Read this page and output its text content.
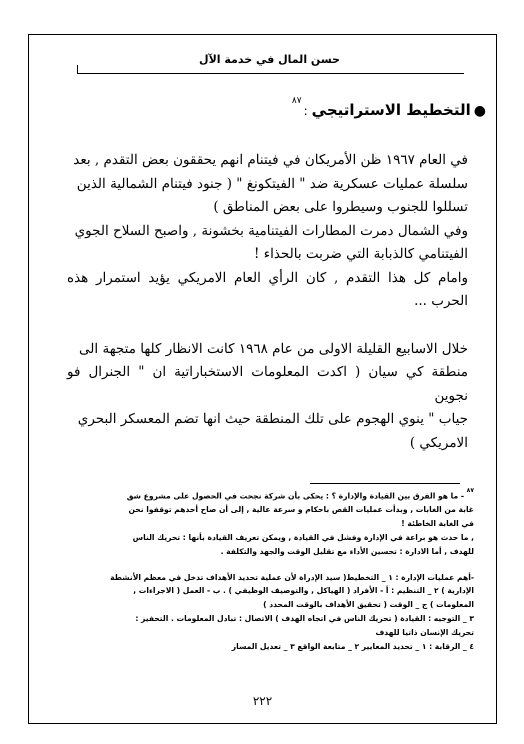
حسن المال في خدمة الآل
●التخطيط الاستراتيجي:$^{٨٧}$

في العام ١٩٦٧ ظن الأمريكان في فيتنام انهم يحققون بعض التقدم , بعد

سلسلة عمليات عسكرية ضد " الفيتكونغ " ( جنود فيتنام الشمالية الذين

تسللوا للجنوب وسيطروا على بعض المناطق )

وفي الشمال دمرت المطارات الفيتنامية بخشونة , واصبح السلاح الجوي

الفيتنامي كالذبابة التي ضربت بالحذاء !

وامام كل هذا التقدم , كان الرأي العام الامريكي يؤيد استمرار هذه الحرب ...

خلال الاسابيع القليلة الاولى من عام ١٩٦٨ كانت الانظار كلها متجهة الى

منطقة كي سيان ( اكدت المعلومات الاستخباراتية ان " الجنرال فو نجوين

جياب " ينوي الهجوم على تلك المنطقة حيث انها تضم المعسكر البحري

الامريكي )

$^{٨٧}$ - ما هو الفرق بين القيادة والإدارة ؟ : يحكى بأن شركة نجحت في الحصول على مشروع شق

غابة من الغابات , وبدأت عمليات القص باحكام و سرعة عالية , إلى أن صاح أحدهم توقفوا نحن

في الغابة الخاطئة !

, ما حدث هو براعة في الإدارة وفشل في القيادة , ويمكن تعريف القيادة بأنها : تحريك الناس

للهدف , أما الادارة : تحسين الأداء مع تقليل الوقت والجهد والتكلفة .

-أهم عمليات الإدارة : ١ _ التخطيط( سيد الإدراة لأن عملية تحديد الأهداف تدخل في معظم الأنشطة

الإدارية ) ٢ _ التنظيم : أ - الأفراد ( الهياكل , والتوصيف الوظيفي ) . ب - العمل ( الاجراءات ,

المعلومات ) ج _ الوقت ( تحقيق الأهداف بالوقت المحدد )

٣ _ التوجيه : القيادة ( تحريك الناس في اتجاه الهدف ) الاتصال : تبادل المعلومات . التحفيز :

تحريك الإنسان ذاتيا للهدف

٤ _ الرقابة : ١ _ تحديد المعايير ٢ _ متابعة الواقع ٣ _ تعديل المسار

٢٢٢
